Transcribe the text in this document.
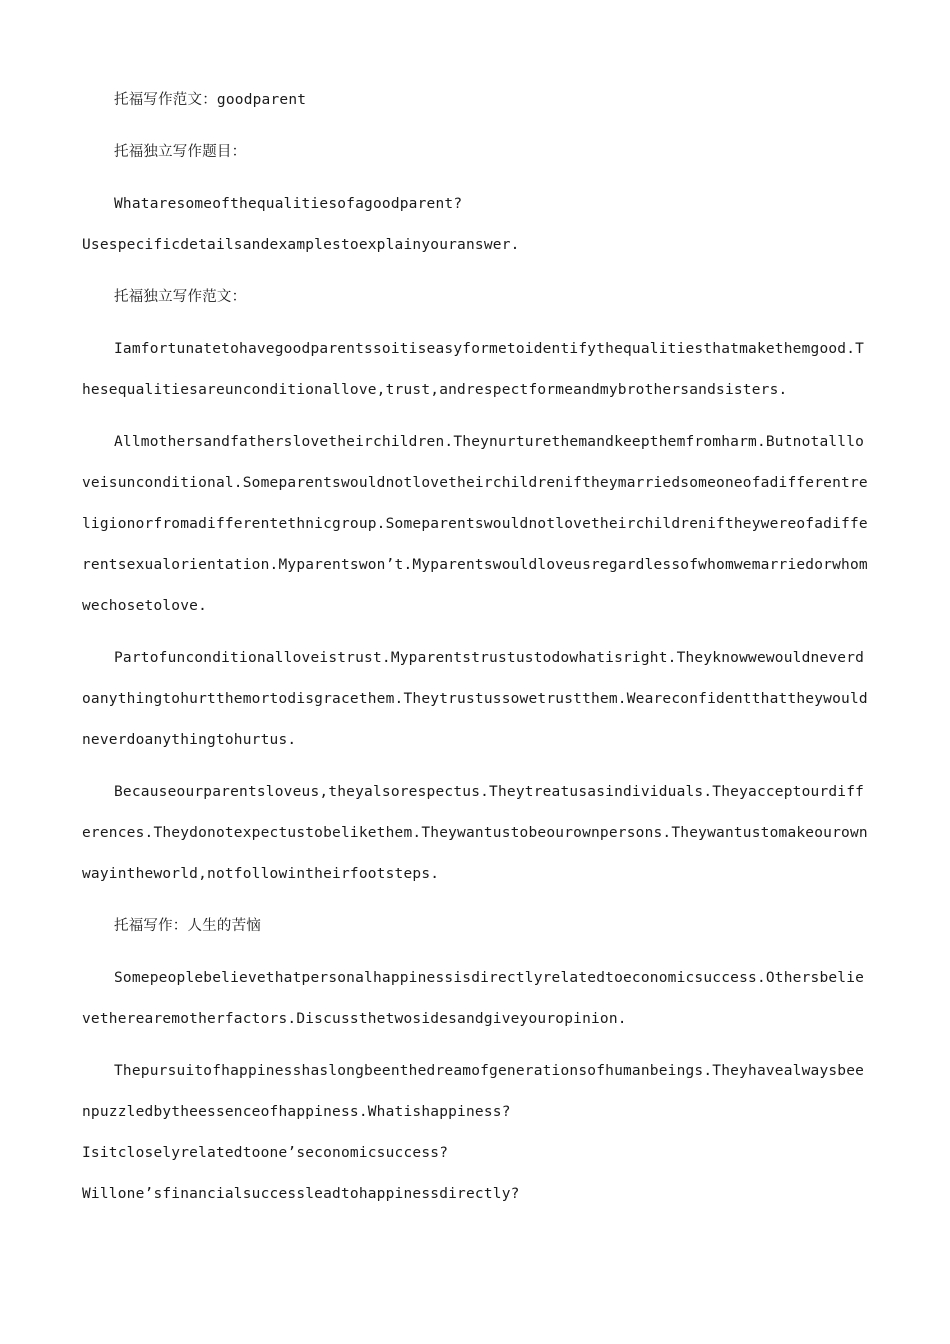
托福写作范文：goodparent

托福独立写作题目：

Whataresomeofthequalitiesofagoodparent?

Usespecificdetailsandexamplestoexplainyouranswer.

托福独立写作范文：

Iamfortunatetohavegoodparentssoitiseasyformetoidentifythequalitiesthatmakethemgood.Thesequalitiesareunconditionallove,trust,andrespectformeandmybrothersandsisters.

Allmothersandfatherslovetheirchildren.Theynurturethemandkeepthemfromharm.Butnotallloveisunconditional.Someparentswouldnotlovetheirchildreniftheymarriedsomeoneofadifferentreligionorfromadifferentethnicgroup.Someparentswouldnotlovetheirchildreniftheywereofadifferentsexualorientation.Myparentswon’t.Myparentswouldloveusregardlessofwhomwemarriedorwhomwechosetolove.

Partofunconditionalloveistrust.Myparentstrustustodowhatisright.Theyknowwewouldneverdoanythingtohurtthemortodisgracethem.Theytrustussowetrustthem.Weareconfidentthattheywouldneverdoanythingtohurtus.

Becauseourparentsloveus,theyalsorespectus.Theytreatusasindividuals.Theyacceptourdifferences.Theydonotexpectustobelikethem.Theywantustobeourownpersons.Theywantustomakeourownwayintheworld,notfollowintheirfootsteps.

托福写作：人生的苦恼

Somepeoplebelievethatpersonalhappinessisdirectlyrelatedtoeconomicsuccess.Othersbelievetherearemotherfactors.Discussthetwosidesandgiveyouropinion.

Thepursuitofhappinesshaslongbeenthedreamofgenerationsofhumanbeings.Theyhavealwaysbeenpuzzledbytheessenceofhappiness.Whatishappiness?

Isitcloselyrelatedtoone’seconomicsuccess?

Willone’sfinancialsuccessleadtohappinessdirectly?
